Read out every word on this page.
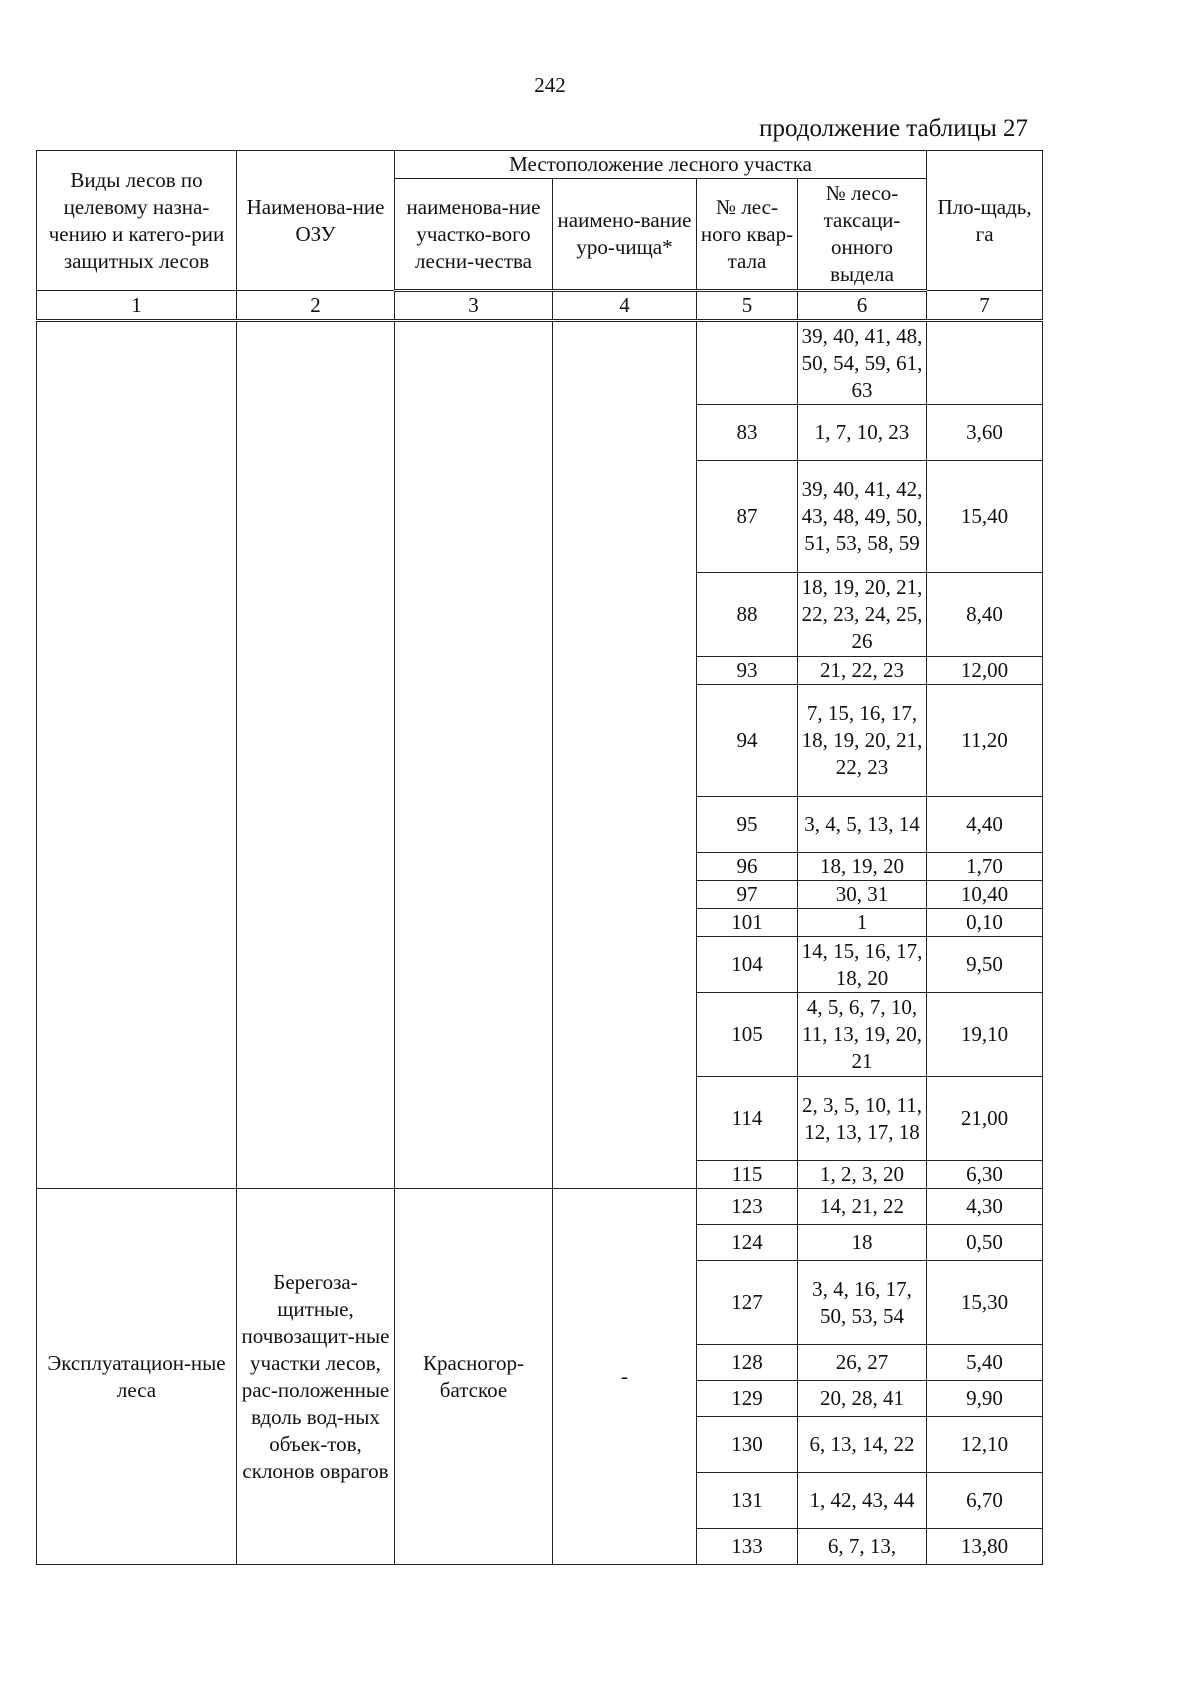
242
продолжение таблицы 27
Виды лесов по целевому назна-чению и катего-рии защитных лесов	Наименова-ние ОЗУ	Местоположение лесного участка				Пло-щадь, га
		наименова-ние участко-вого лесни-чества	наимено-вание уро-чища*	№ лес-ного квар-тала	№ лесо-таксаци-онного выдела	
1	2	3	4	5	6	7
					39, 40, 41, 48, 50, 54, 59, 61, 63	
				83	1, 7, 10, 23	3,60
				87	39, 40, 41, 42, 43, 48, 49, 50, 51, 53, 58, 59	15,40
				88	18, 19, 20, 21, 22, 23, 24, 25, 26	8,40
				93	21, 22, 23	12,00
				94	7, 15, 16, 17, 18, 19, 20, 21, 22, 23	11,20
				95	3, 4, 5, 13, 14	4,40
				96	18, 19, 20	1,70
				97	30, 31	10,40
				101	1	0,10
				104	14, 15, 16, 17, 18, 20	9,50
				105	4, 5, 6, 7, 10, 11, 13, 19, 20, 21	19,10
				114	2, 3, 5, 10, 11, 12, 13, 17, 18	21,00
				115	1, 2, 3, 20	6,30
Эксплуатацион-ные леса	Берегоза-щитные, почвозащит-ные участки лесов, рас-положенные вдоль вод-ных объек-тов, склонов оврагов	Красногор-батское	-	123	14, 21, 22	4,30
				124	18	0,50
				127	3, 4, 16, 17, 50, 53, 54	15,30
				128	26, 27	5,40
				129	20, 28, 41	9,90
				130	6, 13, 14, 22	12,10
				131	1, 42, 43, 44	6,70
				133	6, 7, 13,	13,80
